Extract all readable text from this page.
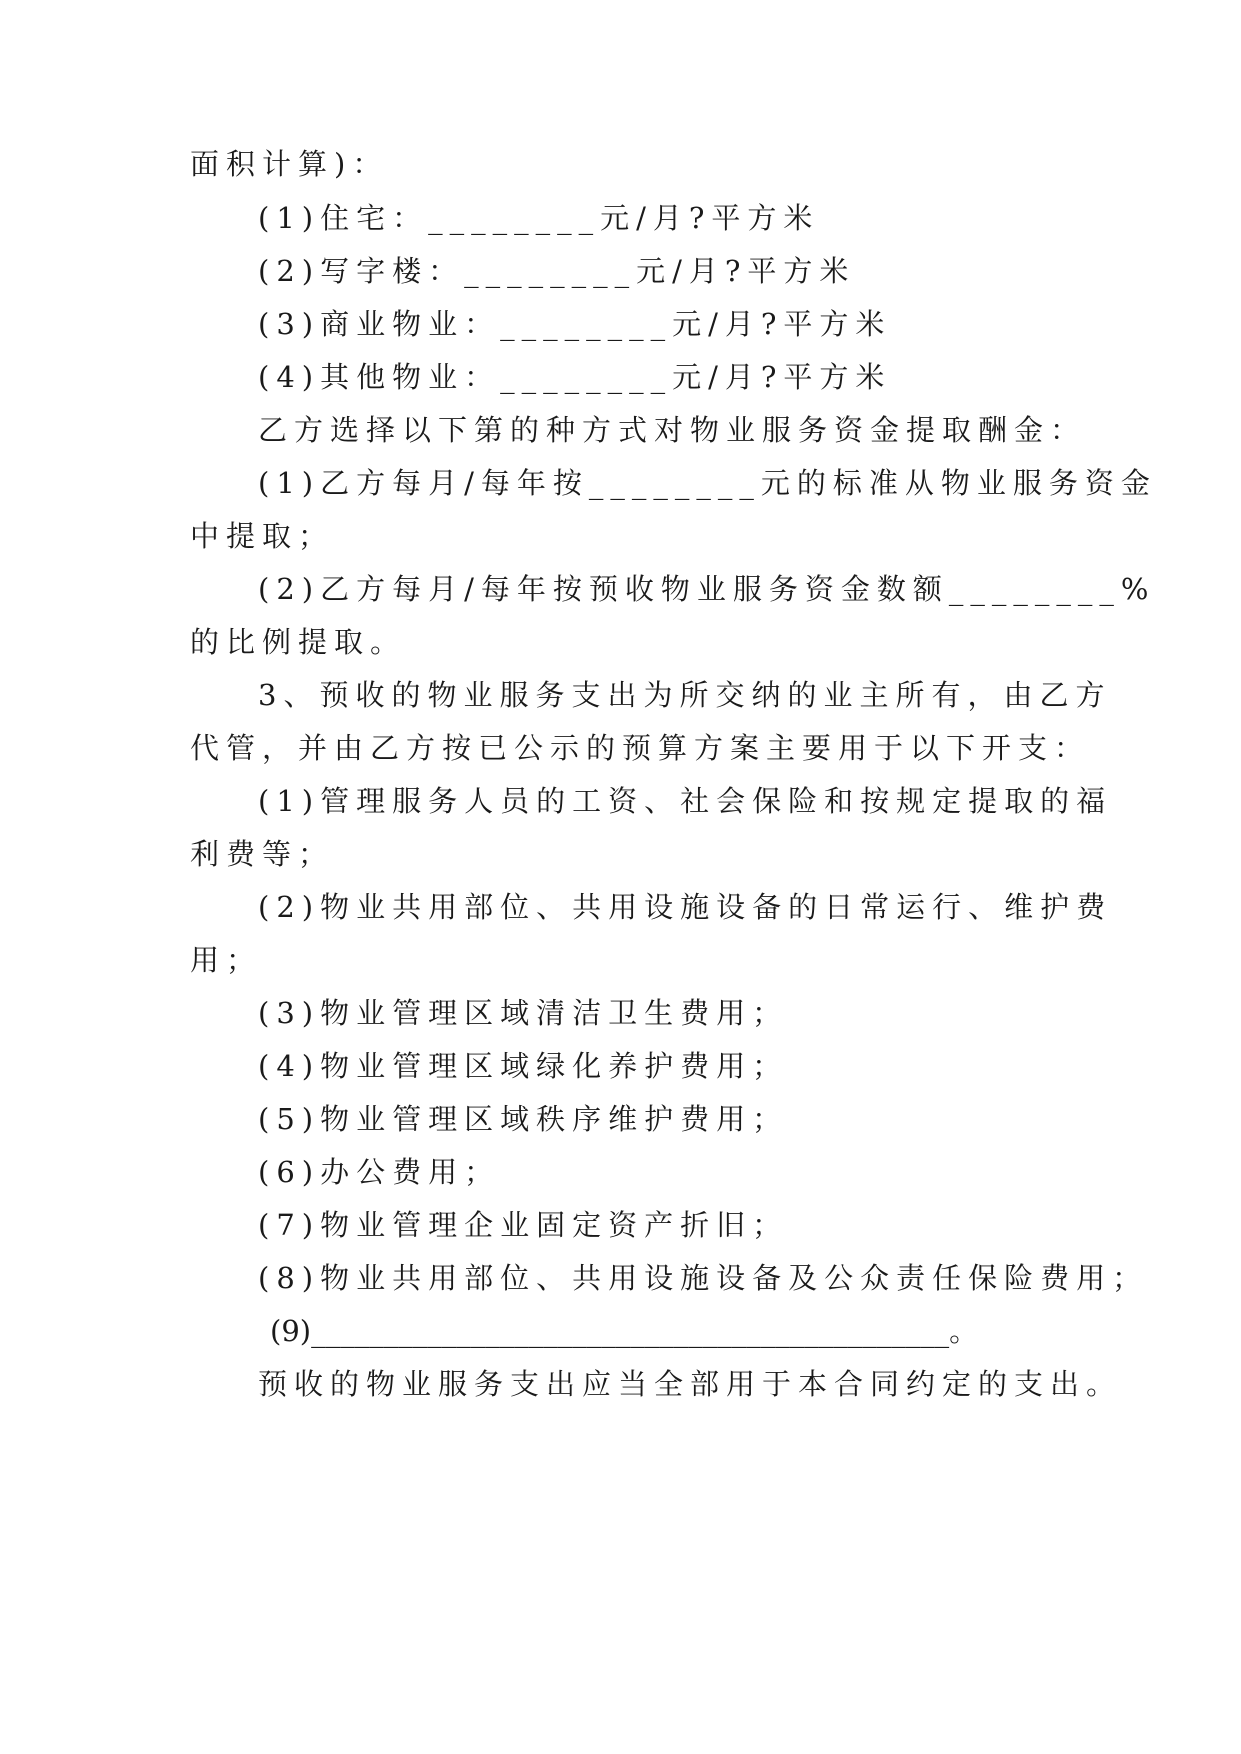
面积计算)：
(1)住宅：________元/月?平方米
(2)写字楼：________元/月?平方米
(3)商业物业：________元/月?平方米
(4)其他物业：________元/月?平方米
乙方选择以下第的种方式对物业服务资金提取酬金：
(1)乙方每月/每年按________元的标准从物业服务资金
中提取；
(2)乙方每月/每年按预收物业服务资金数额________%
的比例提取。
3、预收的物业服务支出为所交纳的业主所有，由乙方
代管，并由乙方按已公示的预算方案主要用于以下开支：
(1)管理服务人员的工资、社会保险和按规定提取的福
利费等；
(2)物业共用部位、共用设施设备的日常运行、维护费
用；
(3)物业管理区域清洁卫生费用；
(4)物业管理区域绿化养护费用；
(5)物业管理区域秩序维护费用；
(6)办公费用；
(7)物业管理企业固定资产折旧；
(8)物业共用部位、共用设施设备及公众责任保险费用；
(9)____________________________________________。
预收的物业服务支出应当全部用于本合同约定的支出。
